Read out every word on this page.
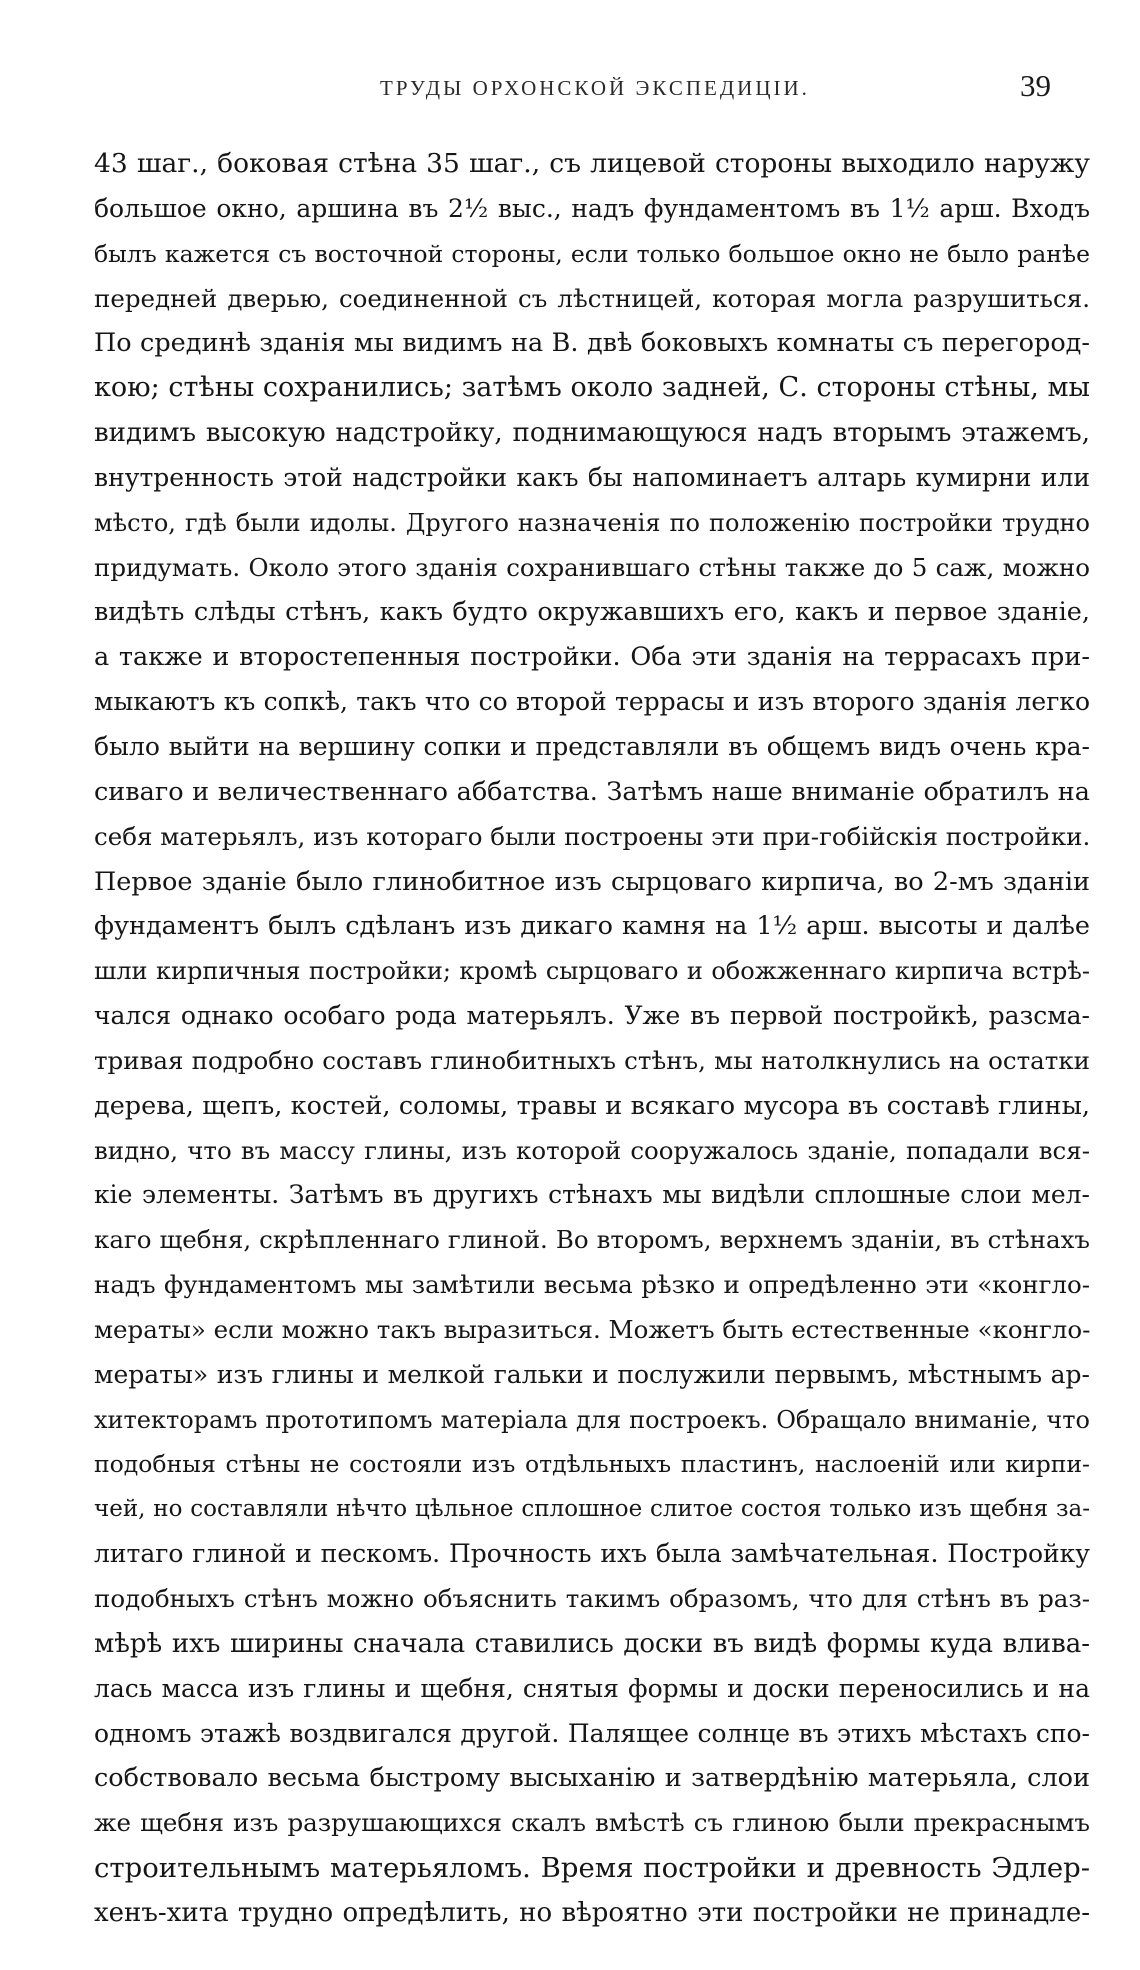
ТРУДЫ ОРХОНСКОЙ ЭКСПЕДИЦІИ.	39
43 шаг., боковая стѣна 35 шаг., съ лицевой стороны выходило наружу
большое окно, аршина въ 2½ выс., надъ фундаментомъ въ 1½ арш. Входъ
былъ кажется съ восточной стороны, если только большое окно не было ранѣе
передней дверью, соединенной съ лѣстницей, которая могла разрушиться.
По срединѣ зданія мы видимъ на В. двѣ боковыхъ комнаты съ перегород-
кою; стѣны сохранились; затѣмъ около задней, С. стороны стѣны, мы
видимъ высокую надстройку, поднимающуюся надъ вторымъ этажемъ,
внутренность этой надстройки какъ бы напоминаетъ алтарь кумирни или
мѣсто, гдѣ были идолы. Другого назначенія по положенію постройки трудно
придумать. Около этого зданія сохранившаго стѣны также до 5 саж, можно
видѣть слѣды стѣнъ, какъ будто окружавшихъ его, какъ и первое зданіе,
а также и второстепенныя постройки. Оба эти зданія на террасахъ при-
мыкаютъ къ сопкѣ, такъ что со второй террасы и изъ второго зданія легко
было выйти на вершину сопки и представляли въ общемъ видъ очень кра-
сиваго и величественнаго аббатства. Затѣмъ наше вниманіе обратилъ на
себя матерьялъ, изъ котораго были построены эти при-гобійскія постройки.
Первое зданіе было глинобитное изъ сырцоваго кирпича, во 2-мъ зданіи
фундаментъ былъ сдѣланъ изъ дикаго камня на 1½ арш. высоты и далѣе
шли кирпичныя постройки; кромѣ сырцоваго и обожженнаго кирпича встрѣ-
чался однако особаго рода матерьялъ. Уже въ первой постройкѣ, разсма-
тривая подробно составъ глинобитныхъ стѣнъ, мы натолкнулись на остатки
дерева, щепъ, костей, соломы, травы и всякаго мусора въ составѣ глины,
видно, что въ массу глины, изъ которой сооружалось зданіе, попадали вся-
кіе элементы. Затѣмъ въ другихъ стѣнахъ мы видѣли сплошные слои мел-
каго щебня, скрѣпленнаго глиной. Во второмъ, верхнемъ зданіи, въ стѣнахъ
надъ фундаментомъ мы замѣтили весьма рѣзко и опредѣленно эти «конгло-
мераты» если можно такъ выразиться. Можетъ быть естественные «конгло-
мераты» изъ глины и мелкой гальки и послужили первымъ, мѣстнымъ ар-
хитекторамъ прототипомъ матеріала для построекъ. Обращало вниманіе, что
подобныя стѣны не состояли изъ отдѣльныхъ пластинъ, наслоеній или кирпи-
чей, но составляли нѣчто цѣльное сплошное слитое состоя только изъ щебня за-
литаго глиной и пескомъ. Прочность ихъ была замѣчательная. Постройку
подобныхъ стѣнъ можно объяснить такимъ образомъ, что для стѣнъ въ раз-
мѣрѣ ихъ ширины сначала ставились доски въ видѣ формы куда влива-
лась масса изъ глины и щебня, снятыя формы и доски переносились и на
одномъ этажѣ воздвигался другой. Палящее солнце въ этихъ мѣстахъ спо-
собствовало весьма быстрому высыханію и затвердѣнію матерьяла, слои
же щебня изъ разрушающихся скалъ вмѣстѣ съ глиною были прекраснымъ
строительнымъ матерьяломъ. Время постройки и древность Эдлер-
хенъ-хита трудно опредѣлить, но вѣроятно эти постройки не принадле-
